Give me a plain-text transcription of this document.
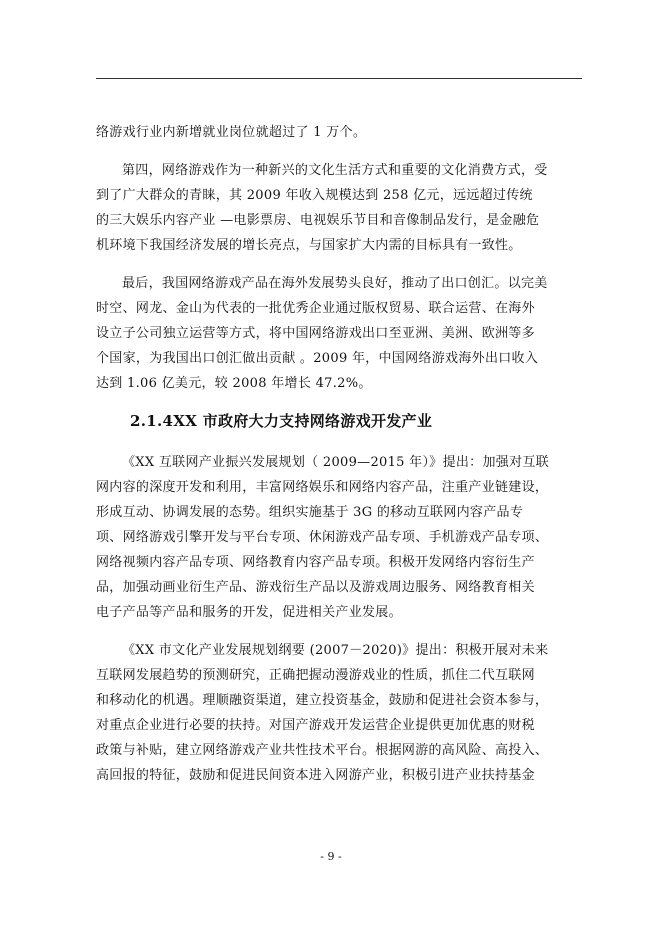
络游戏行业内新增就业岗位就超过了 1 万个。

第四，网络游戏作为一种新兴的文化生活方式和重要的文化消费方式，受
到了广大群众的青睐，其 2009 年收入规模达到 258 亿元，远远超过传统
的三大娱乐内容产业 —电影票房、电视娱乐节目和音像制品发行，是金融危
机环境下我国经济发展的增长亮点，与国家扩大内需的目标具有一致性。

最后，我国网络游戏产品在海外发展势头良好，推动了出口创汇。以完美
时空、网龙、金山为代表的一批优秀企业通过版权贸易、联合运营、在海外
设立子公司独立运营等方式，将中国网络游戏出口至亚洲、美洲、欧洲等多
个国家，为我国出口创汇做出贡献 。2009 年，中国网络游戏海外出口收入
达到 1.06 亿美元，较 2008 年增长 47.2%。

2.1.4XX 市政府大力支持网络游戏开发产业

《XX 互联网产业振兴发展规划（ 2009—2015 年）》提出：加强对互联
网内容的深度开发和利用，丰富网络娱乐和网络内容产品，注重产业链建设，
形成互动、协调发展的态势。组织实施基于 3G 的移动互联网内容产品专
项、网络游戏引擎开发与平台专项、休闲游戏产品专项、手机游戏产品专项、
网络视频内容产品专项、网络教育内容产品专项。积极开发网络内容衍生产
品，加强动画业衍生产品、游戏衍生产品以及游戏周边服务、网络教育相关
电子产品等产品和服务的开发，促进相关产业发展。

《XX 市文化产业发展规划纲要 (2007－2020)》提出：积极开展对未来
互联网发展趋势的预测研究，正确把握动漫游戏业的性质，抓住二代互联网
和移动化的机遇。理顺融资渠道，建立投资基金，鼓励和促进社会资本参与，
对重点企业进行必要的扶持。对国产游戏开发运营企业提供更加优惠的财税
政策与补贴，建立网络游戏产业共性技术平台。根据网游的高风险、高投入、
高回报的特征，鼓励和促进民间资本进入网游产业，积极引进产业扶持基金

- 9 -
